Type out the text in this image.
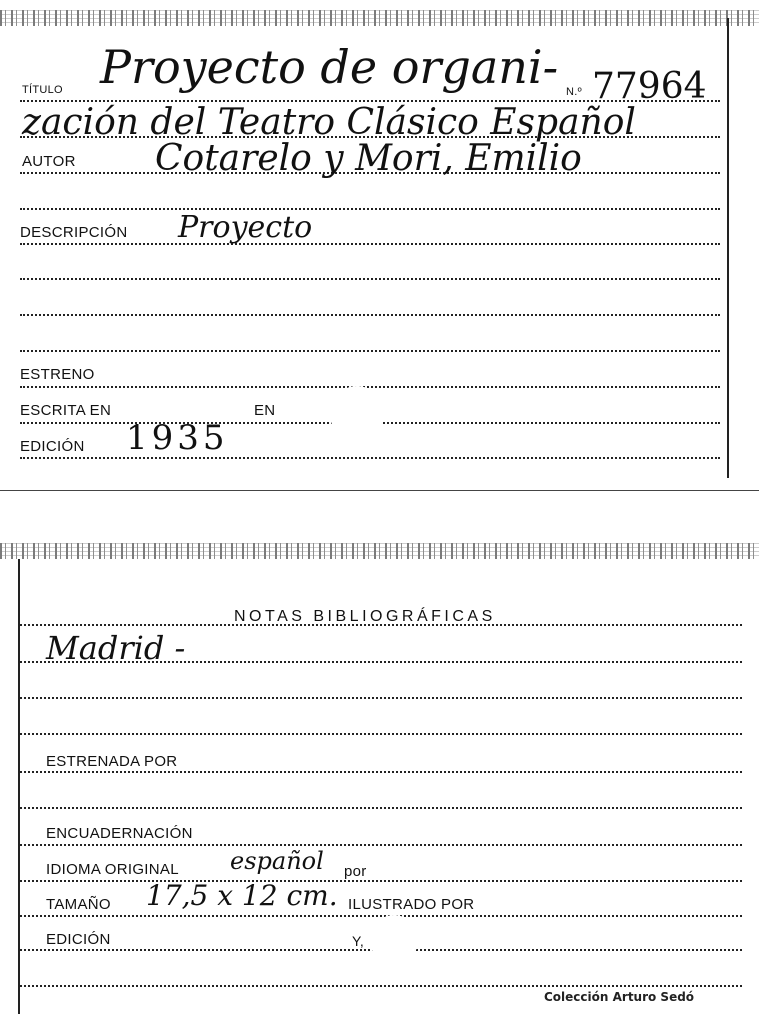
TÍTULO Proyecto de organi- N.º 77964
zación del Teatro Clásico Español
AUTOR Cotarelo y Mori, Emilio
DESCRIPCIÓN Proyecto
ESTRENO
ESCRITA EN	EN
EDICIÓN 1935
NOTAS BIBLIOGRÁFICAS
Madrid -
ESTRENADA POR
ENCUADERNACIÓN
IDIOMA ORIGINAL español por
TAMAÑO 17,5 x 12 cm. ILUSTRADO POR
EDICIÓN	Y,
Colección Arturo Sedó
